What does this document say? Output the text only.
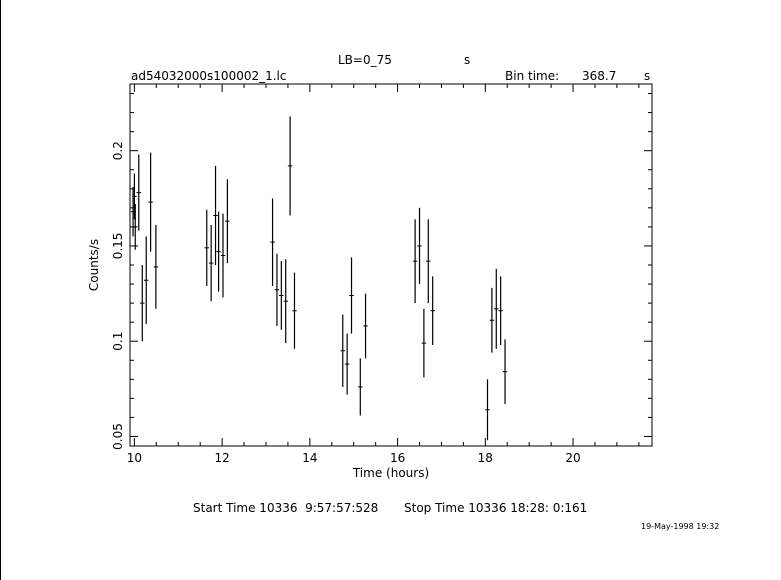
LB=0_75	s
ad54032000s100002_1.lc	Bin time: 368.7 s
10	12	14	16	18	20
0.05
0.1
0.15
0.2
Time (hours)
Counts/s
Start Time 10336  9:57:57:528 Stop Time 10336 18:28: 0:161
19-May-1998 19:32
